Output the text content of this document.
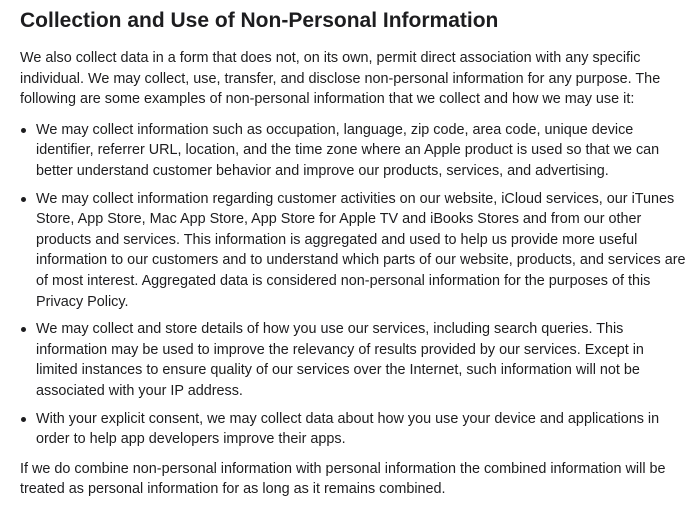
Collection and Use of Non-Personal Information

We also collect data in a form that does not, on its own, permit direct association with any specific individual. We may collect, use, transfer, and disclose non-personal information for any purpose. The following are some examples of non-personal information that we collect and how we may use it:

We may collect information such as occupation, language, zip code, area code, unique device identifier, referrer URL, location, and the time zone where an Apple product is used so that we can better understand customer behavior and improve our products, services, and advertising.
We may collect information regarding customer activities on our website, iCloud services, our iTunes Store, App Store, Mac App Store, App Store for Apple TV and iBooks Stores and from our other products and services. This information is aggregated and used to help us provide more useful information to our customers and to understand which parts of our website, products, and services are of most interest. Aggregated data is considered non-personal information for the purposes of this Privacy Policy.
We may collect and store details of how you use our services, including search queries. This information may be used to improve the relevancy of results provided by our services. Except in limited instances to ensure quality of our services over the Internet, such information will not be associated with your IP address.
With your explicit consent, we may collect data about how you use your device and applications in order to help app developers improve their apps.

If we do combine non-personal information with personal information the combined information will be treated as personal information for as long as it remains combined.
